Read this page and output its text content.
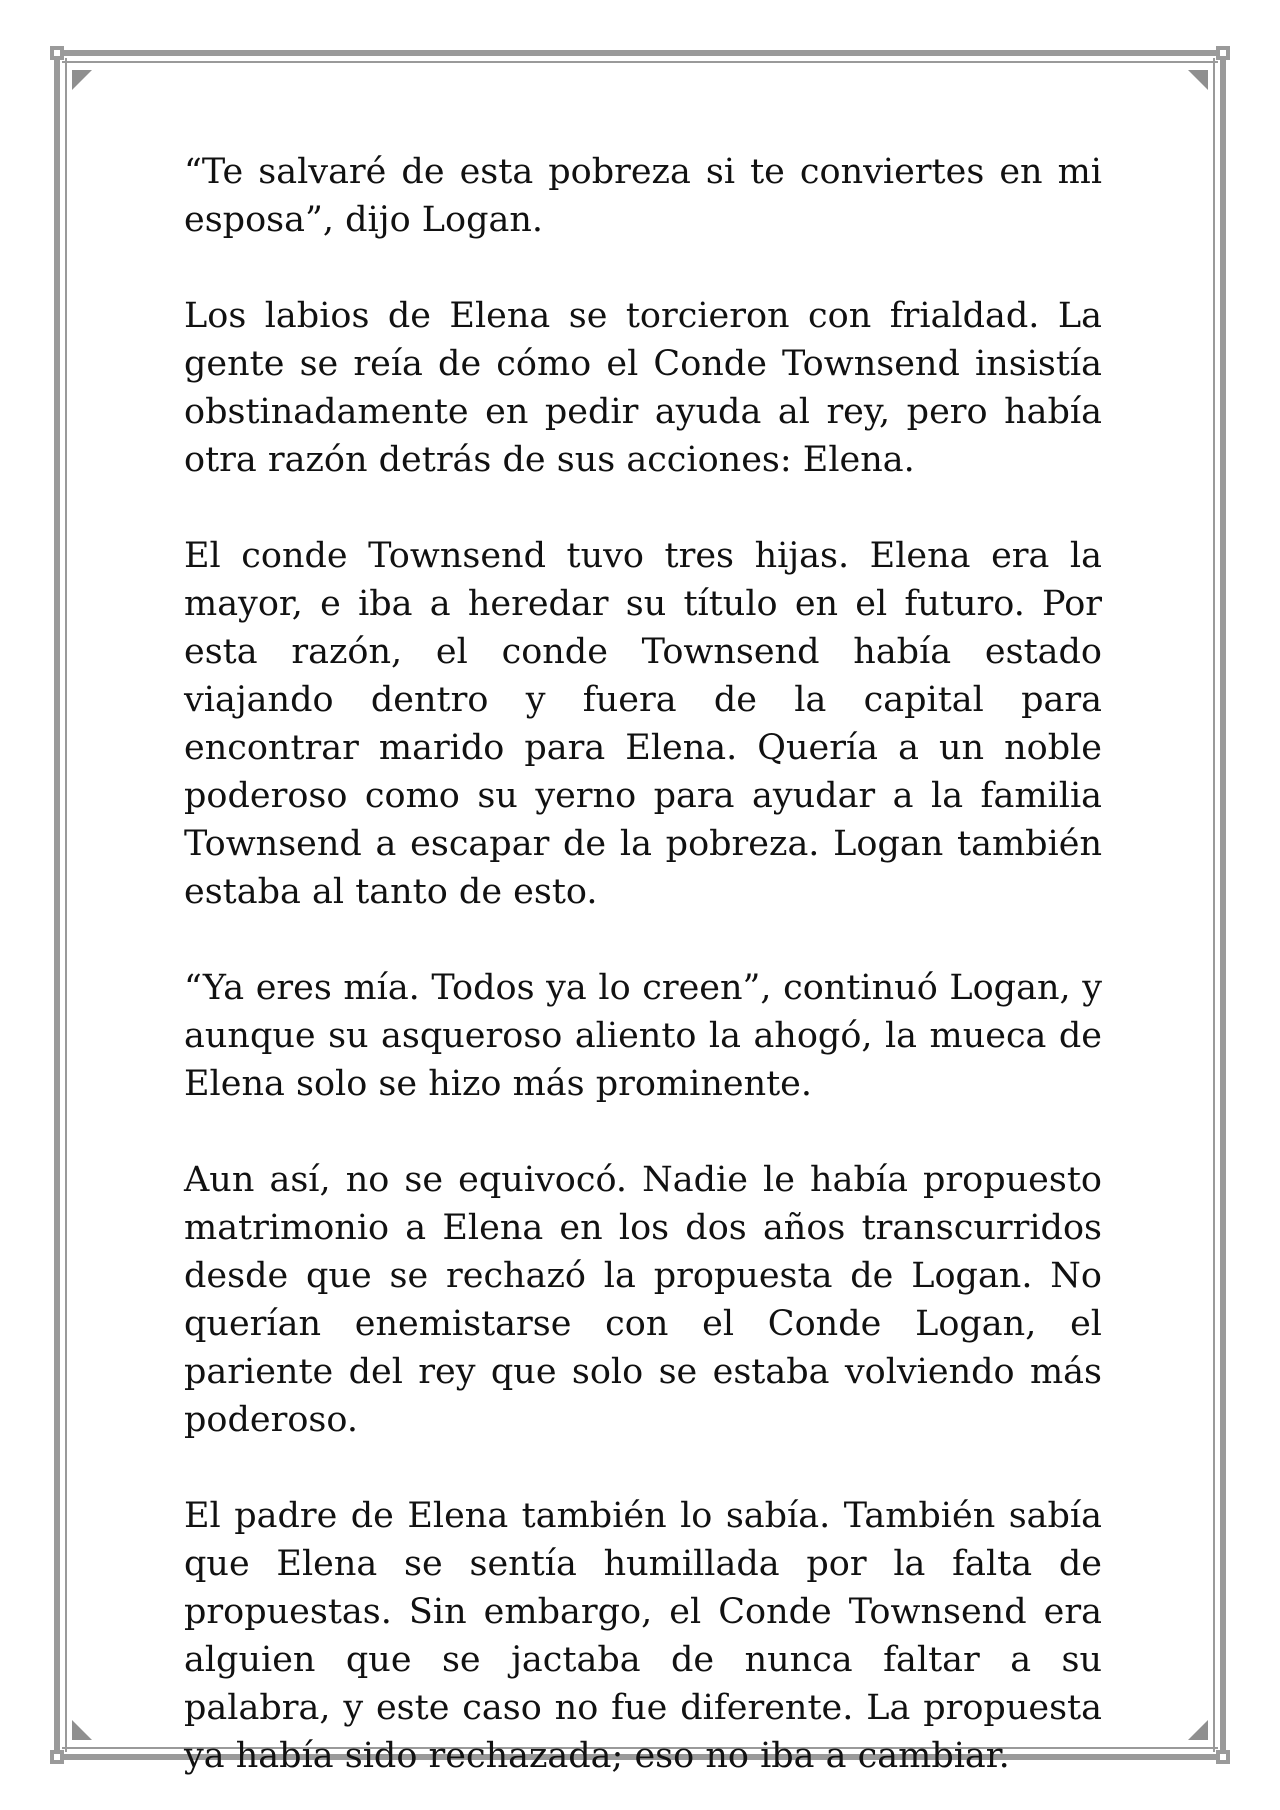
“Te salvaré de esta pobreza si te conviertes en mi esposa”, dijo Logan.

Los labios de Elena se torcieron con frialdad. La gente se reía de cómo el Conde Townsend insistía obstinadamente en pedir ayuda al rey, pero había otra razón detrás de sus acciones: Elena.

El conde Townsend tuvo tres hijas. Elena era la mayor, e iba a heredar su título en el futuro. Por esta razón, el conde Townsend había estado viajando dentro y fuera de la capital para encontrar marido para Elena. Quería a un noble poderoso como su yerno para ayudar a la familia Townsend a escapar de la pobreza. Logan también estaba al tanto de esto.

“Ya eres mía. Todos ya lo creen”, continuó Logan, y aunque su asqueroso aliento la ahogó, la mueca de Elena solo se hizo más prominente.

Aun así, no se equivocó. Nadie le había propuesto matrimonio a Elena en los dos años transcurridos desde que se rechazó la propuesta de Logan. No querían enemistarse con el Conde Logan, el pariente del rey que solo se estaba volviendo más poderoso.

El padre de Elena también lo sabía. También sabía que Elena se sentía humillada por la falta de propuestas. Sin embargo, el Conde Townsend era alguien que se jactaba de nunca faltar a su palabra, y este caso no fue diferente. La propuesta ya había sido rechazada; eso no iba a cambiar.
